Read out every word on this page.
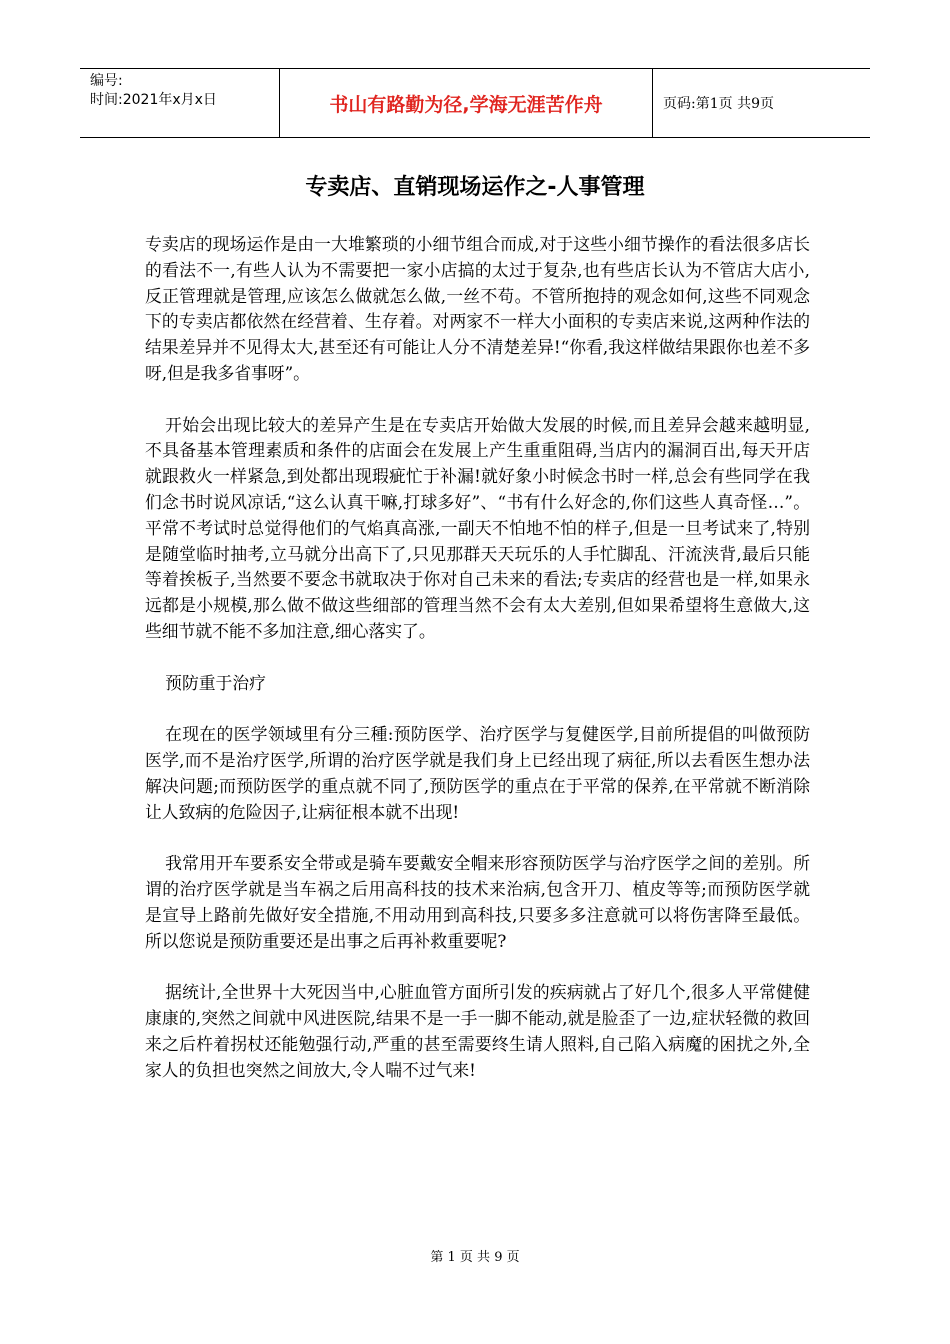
编号:
时间:2021年x月x日	书山有路勤为径,学海无涯苦作舟	页码:第1页 共9页
专卖店、直销现场运作之-人事管理

专卖店的现场运作是由一大堆繁琐的小细节组合而成,对于这些小细节操作的看法很多店长的看法不一,有些人认为不需要把一家小店搞的太过于复杂,也有些店长认为不管店大店小,反正管理就是管理,应该怎么做就怎么做,一丝不苟。不管所抱持的观念如何,这些不同观念下的专卖店都依然在经营着、生存着。对两家不一样大小面积的专卖店来说,这两种作法的结果差异并不见得太大,甚至还有可能让人分不清楚差异!“你看,我这样做结果跟你也差不多呀,但是我多省事呀”。

开始会出现比较大的差异产生是在专卖店开始做大发展的时候,而且差异会越来越明显,不具备基本管理素质和条件的店面会在发展上产生重重阻碍,当店内的漏洞百出,每天开店就跟救火一样紧急,到处都出现瑕疵忙于补漏!就好象小时候念书时一样,总会有些同学在我们念书时说风凉话,“这么认真干嘛,打球多好”、“书有什么好念的,你们这些人真奇怪…”。平常不考试时总觉得他们的气焰真高涨,一副天不怕地不怕的样子,但是一旦考试来了,特别是随堂临时抽考,立马就分出高下了,只见那群天天玩乐的人手忙脚乱、汗流浃背,最后只能等着挨板子,当然要不要念书就取决于你对自己未来的看法;专卖店的经营也是一样,如果永远都是小规模,那么做不做这些细部的管理当然不会有太大差别,但如果希望将生意做大,这些细节就不能不多加注意,细心落实了。

预防重于治疗

在现在的医学领域里有分三種:预防医学、治疗医学与复健医学,目前所提倡的叫做预防医学,而不是治疗医学,所谓的治疗医学就是我们身上已经出现了病征,所以去看医生想办法解决问题;而预防医学的重点就不同了,预防医学的重点在于平常的保养,在平常就不断消除让人致病的危险因子,让病征根本就不出现!

我常用开车要系安全带或是骑车要戴安全帽来形容预防医学与治疗医学之间的差别。所谓的治疗医学就是当车祸之后用高科技的技术来治病,包含开刀、植皮等等;而预防医学就是宣导上路前先做好安全措施,不用动用到高科技,只要多多注意就可以将伤害降至最低。所以您说是预防重要还是出事之后再补救重要呢?

据统计,全世界十大死因当中,心脏血管方面所引发的疾病就占了好几个,很多人平常健健康康的,突然之间就中风进医院,结果不是一手一脚不能动,就是脸歪了一边,症状轻微的救回来之后杵着拐杖还能勉强行动,严重的甚至需要终生请人照料,自己陷入病魔的困扰之外,全家人的负担也突然之间放大,令人喘不过气来!

第 1 页 共 9 页
